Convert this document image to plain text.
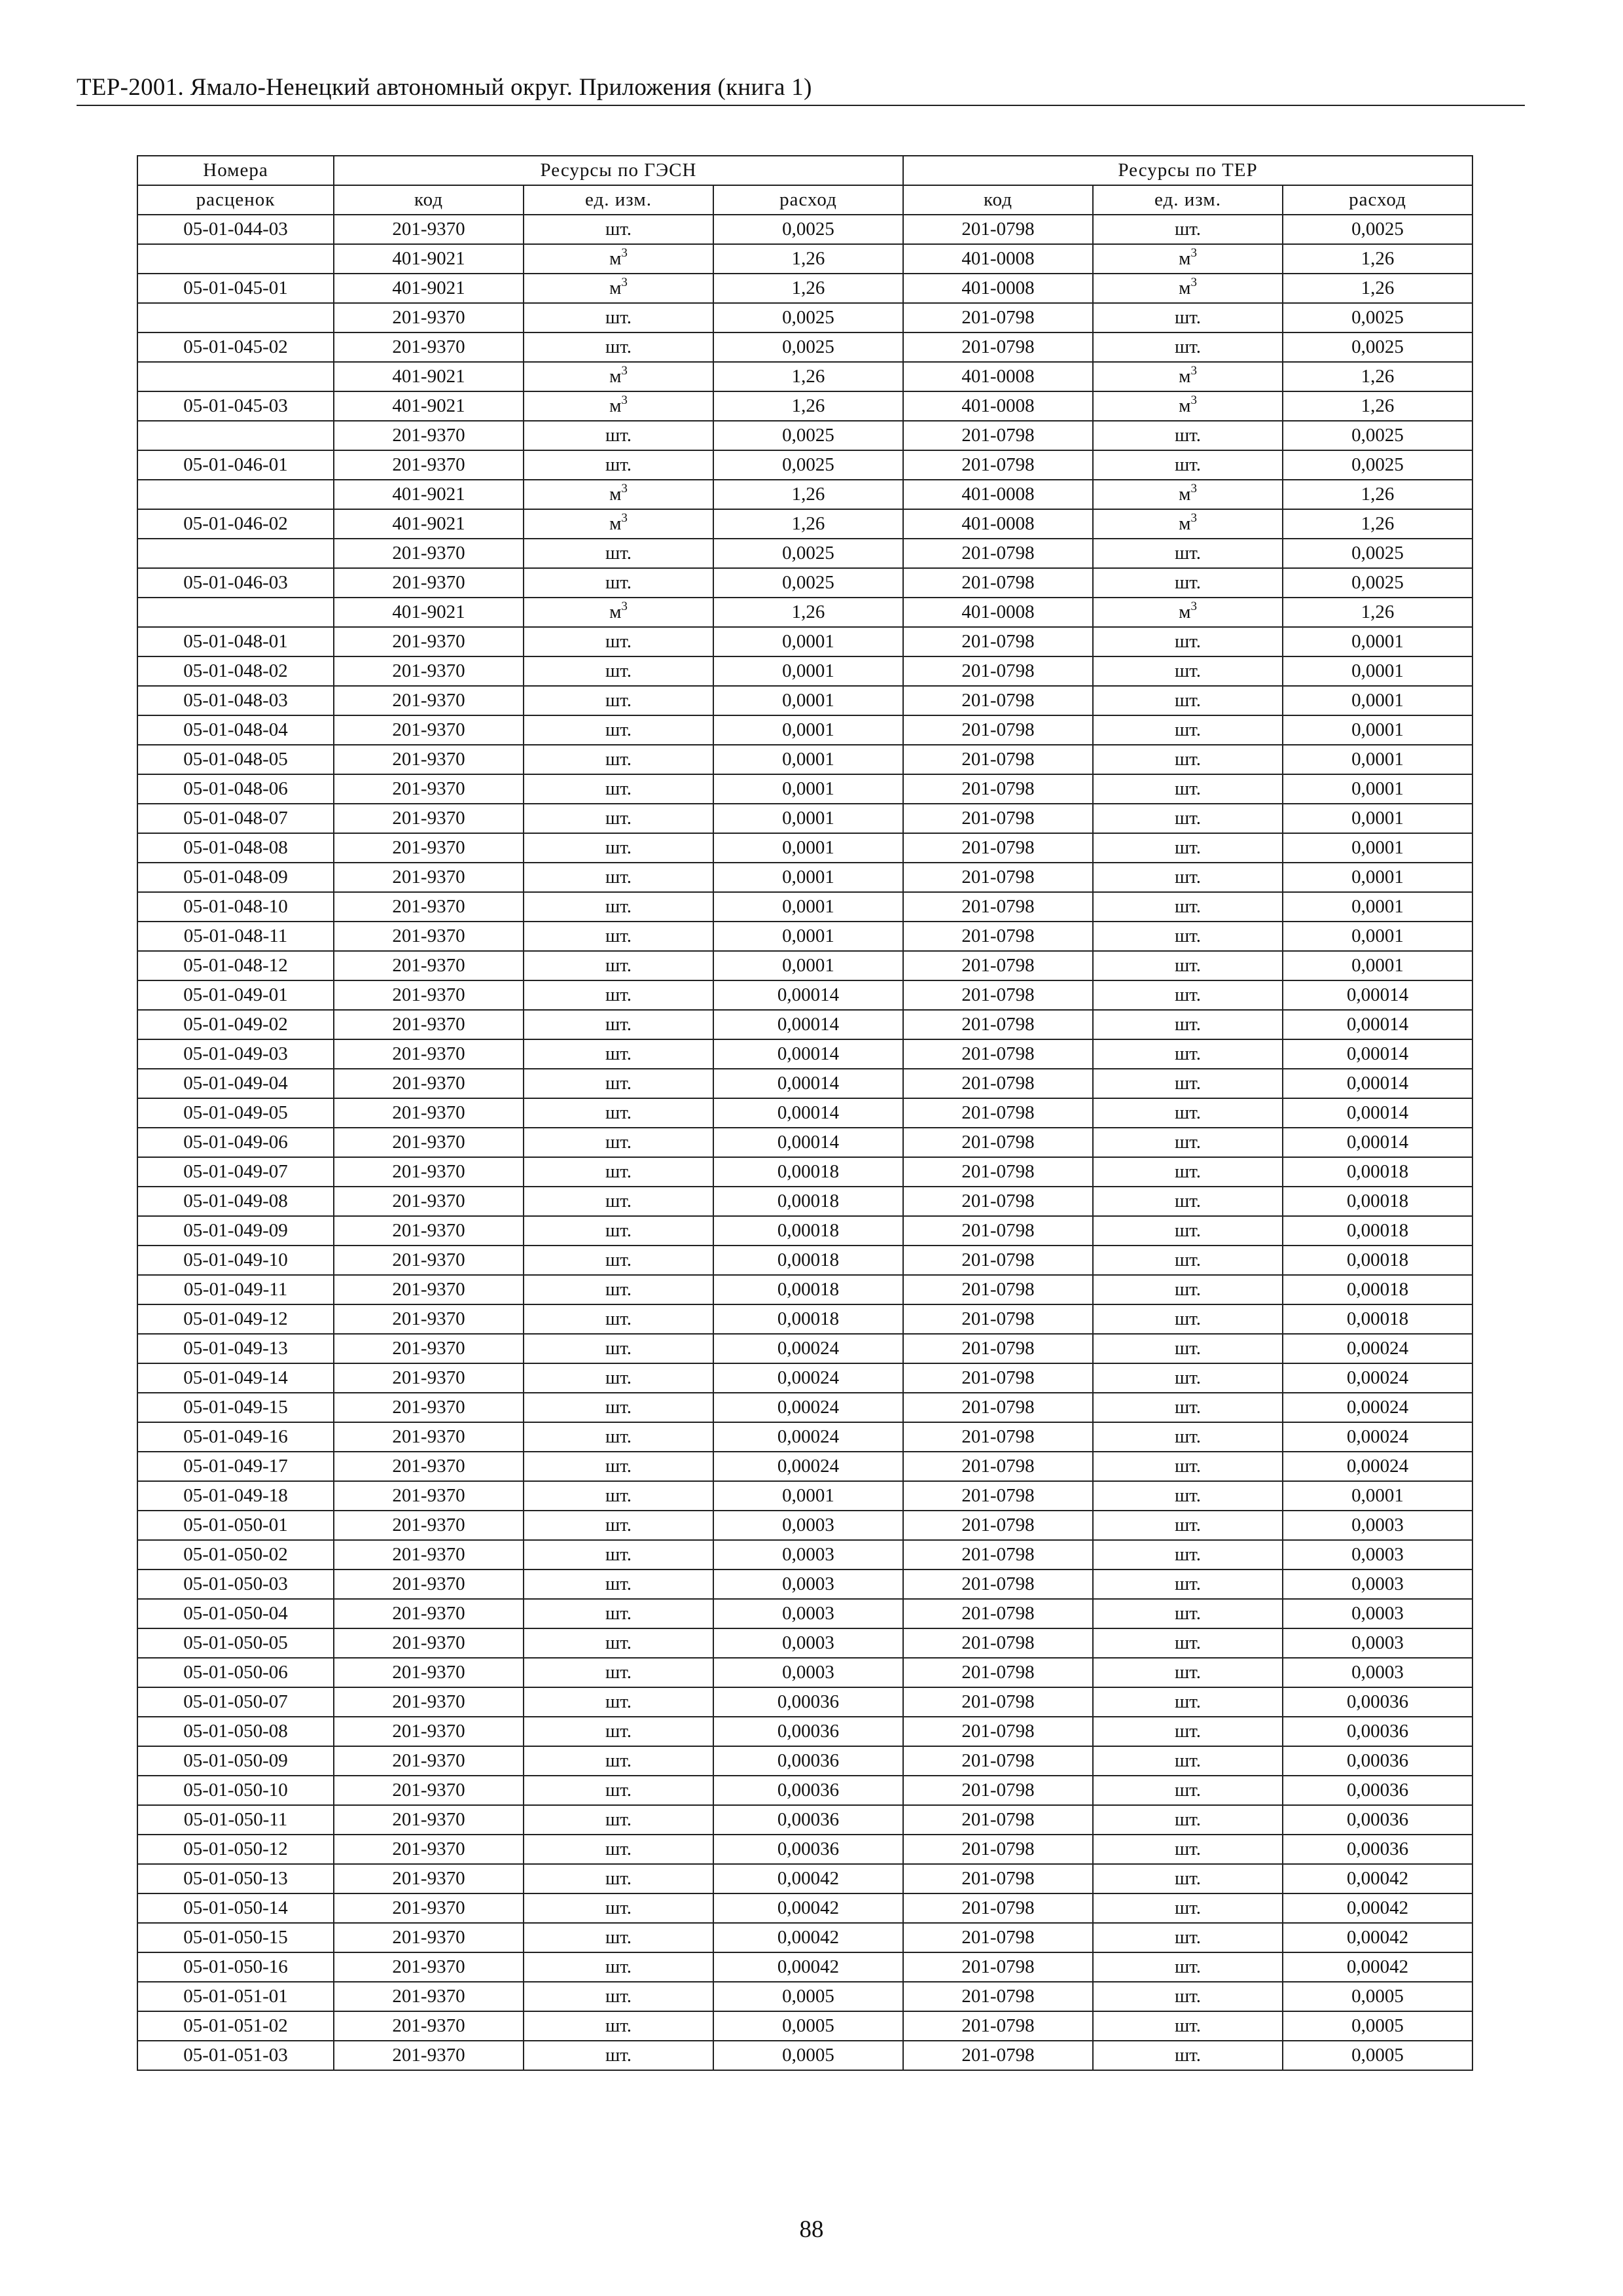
ТЕР-2001. Ямало-Ненецкий автономный округ. Приложения (книга 1)
Номера	Ресурсы по ГЭСН			Ресурсы по ТЕР		
расценок	код	ед. изм.	расход	код	ед. изм.	расход
05-01-044-03	201-9370	шт.	0,0025	201-0798	шт.	0,0025
	401-9021	$м^3$	1,26	401-0008	$м^3$	1,26
05-01-045-01	401-9021	$м^3$	1,26	401-0008	$м^3$	1,26
	201-9370	шт.	0,0025	201-0798	шт.	0,0025
05-01-045-02	201-9370	шт.	0,0025	201-0798	шт.	0,0025
	401-9021	$м^3$	1,26	401-0008	$м^3$	1,26
05-01-045-03	401-9021	$м^3$	1,26	401-0008	$м^3$	1,26
	201-9370	шт.	0,0025	201-0798	шт.	0,0025
05-01-046-01	201-9370	шт.	0,0025	201-0798	шт.	0,0025
	401-9021	$м^3$	1,26	401-0008	$м^3$	1,26
05-01-046-02	401-9021	$м^3$	1,26	401-0008	$м^3$	1,26
	201-9370	шт.	0,0025	201-0798	шт.	0,0025
05-01-046-03	201-9370	шт.	0,0025	201-0798	шт.	0,0025
	401-9021	$м^3$	1,26	401-0008	$м^3$	1,26
05-01-048-01	201-9370	шт.	0,0001	201-0798	шт.	0,0001
05-01-048-02	201-9370	шт.	0,0001	201-0798	шт.	0,0001
05-01-048-03	201-9370	шт.	0,0001	201-0798	шт.	0,0001
05-01-048-04	201-9370	шт.	0,0001	201-0798	шт.	0,0001
05-01-048-05	201-9370	шт.	0,0001	201-0798	шт.	0,0001
05-01-048-06	201-9370	шт.	0,0001	201-0798	шт.	0,0001
05-01-048-07	201-9370	шт.	0,0001	201-0798	шт.	0,0001
05-01-048-08	201-9370	шт.	0,0001	201-0798	шт.	0,0001
05-01-048-09	201-9370	шт.	0,0001	201-0798	шт.	0,0001
05-01-048-10	201-9370	шт.	0,0001	201-0798	шт.	0,0001
05-01-048-11	201-9370	шт.	0,0001	201-0798	шт.	0,0001
05-01-048-12	201-9370	шт.	0,0001	201-0798	шт.	0,0001
05-01-049-01	201-9370	шт.	0,00014	201-0798	шт.	0,00014
05-01-049-02	201-9370	шт.	0,00014	201-0798	шт.	0,00014
05-01-049-03	201-9370	шт.	0,00014	201-0798	шт.	0,00014
05-01-049-04	201-9370	шт.	0,00014	201-0798	шт.	0,00014
05-01-049-05	201-9370	шт.	0,00014	201-0798	шт.	0,00014
05-01-049-06	201-9370	шт.	0,00014	201-0798	шт.	0,00014
05-01-049-07	201-9370	шт.	0,00018	201-0798	шт.	0,00018
05-01-049-08	201-9370	шт.	0,00018	201-0798	шт.	0,00018
05-01-049-09	201-9370	шт.	0,00018	201-0798	шт.	0,00018
05-01-049-10	201-9370	шт.	0,00018	201-0798	шт.	0,00018
05-01-049-11	201-9370	шт.	0,00018	201-0798	шт.	0,00018
05-01-049-12	201-9370	шт.	0,00018	201-0798	шт.	0,00018
05-01-049-13	201-9370	шт.	0,00024	201-0798	шт.	0,00024
05-01-049-14	201-9370	шт.	0,00024	201-0798	шт.	0,00024
05-01-049-15	201-9370	шт.	0,00024	201-0798	шт.	0,00024
05-01-049-16	201-9370	шт.	0,00024	201-0798	шт.	0,00024
05-01-049-17	201-9370	шт.	0,00024	201-0798	шт.	0,00024
05-01-049-18	201-9370	шт.	0,0001	201-0798	шт.	0,0001
05-01-050-01	201-9370	шт.	0,0003	201-0798	шт.	0,0003
05-01-050-02	201-9370	шт.	0,0003	201-0798	шт.	0,0003
05-01-050-03	201-9370	шт.	0,0003	201-0798	шт.	0,0003
05-01-050-04	201-9370	шт.	0,0003	201-0798	шт.	0,0003
05-01-050-05	201-9370	шт.	0,0003	201-0798	шт.	0,0003
05-01-050-06	201-9370	шт.	0,0003	201-0798	шт.	0,0003
05-01-050-07	201-9370	шт.	0,00036	201-0798	шт.	0,00036
05-01-050-08	201-9370	шт.	0,00036	201-0798	шт.	0,00036
05-01-050-09	201-9370	шт.	0,00036	201-0798	шт.	0,00036
05-01-050-10	201-9370	шт.	0,00036	201-0798	шт.	0,00036
05-01-050-11	201-9370	шт.	0,00036	201-0798	шт.	0,00036
05-01-050-12	201-9370	шт.	0,00036	201-0798	шт.	0,00036
05-01-050-13	201-9370	шт.	0,00042	201-0798	шт.	0,00042
05-01-050-14	201-9370	шт.	0,00042	201-0798	шт.	0,00042
05-01-050-15	201-9370	шт.	0,00042	201-0798	шт.	0,00042
05-01-050-16	201-9370	шт.	0,00042	201-0798	шт.	0,00042
05-01-051-01	201-9370	шт.	0,0005	201-0798	шт.	0,0005
05-01-051-02	201-9370	шт.	0,0005	201-0798	шт.	0,0005
05-01-051-03	201-9370	шт.	0,0005	201-0798	шт.	0,0005
88
